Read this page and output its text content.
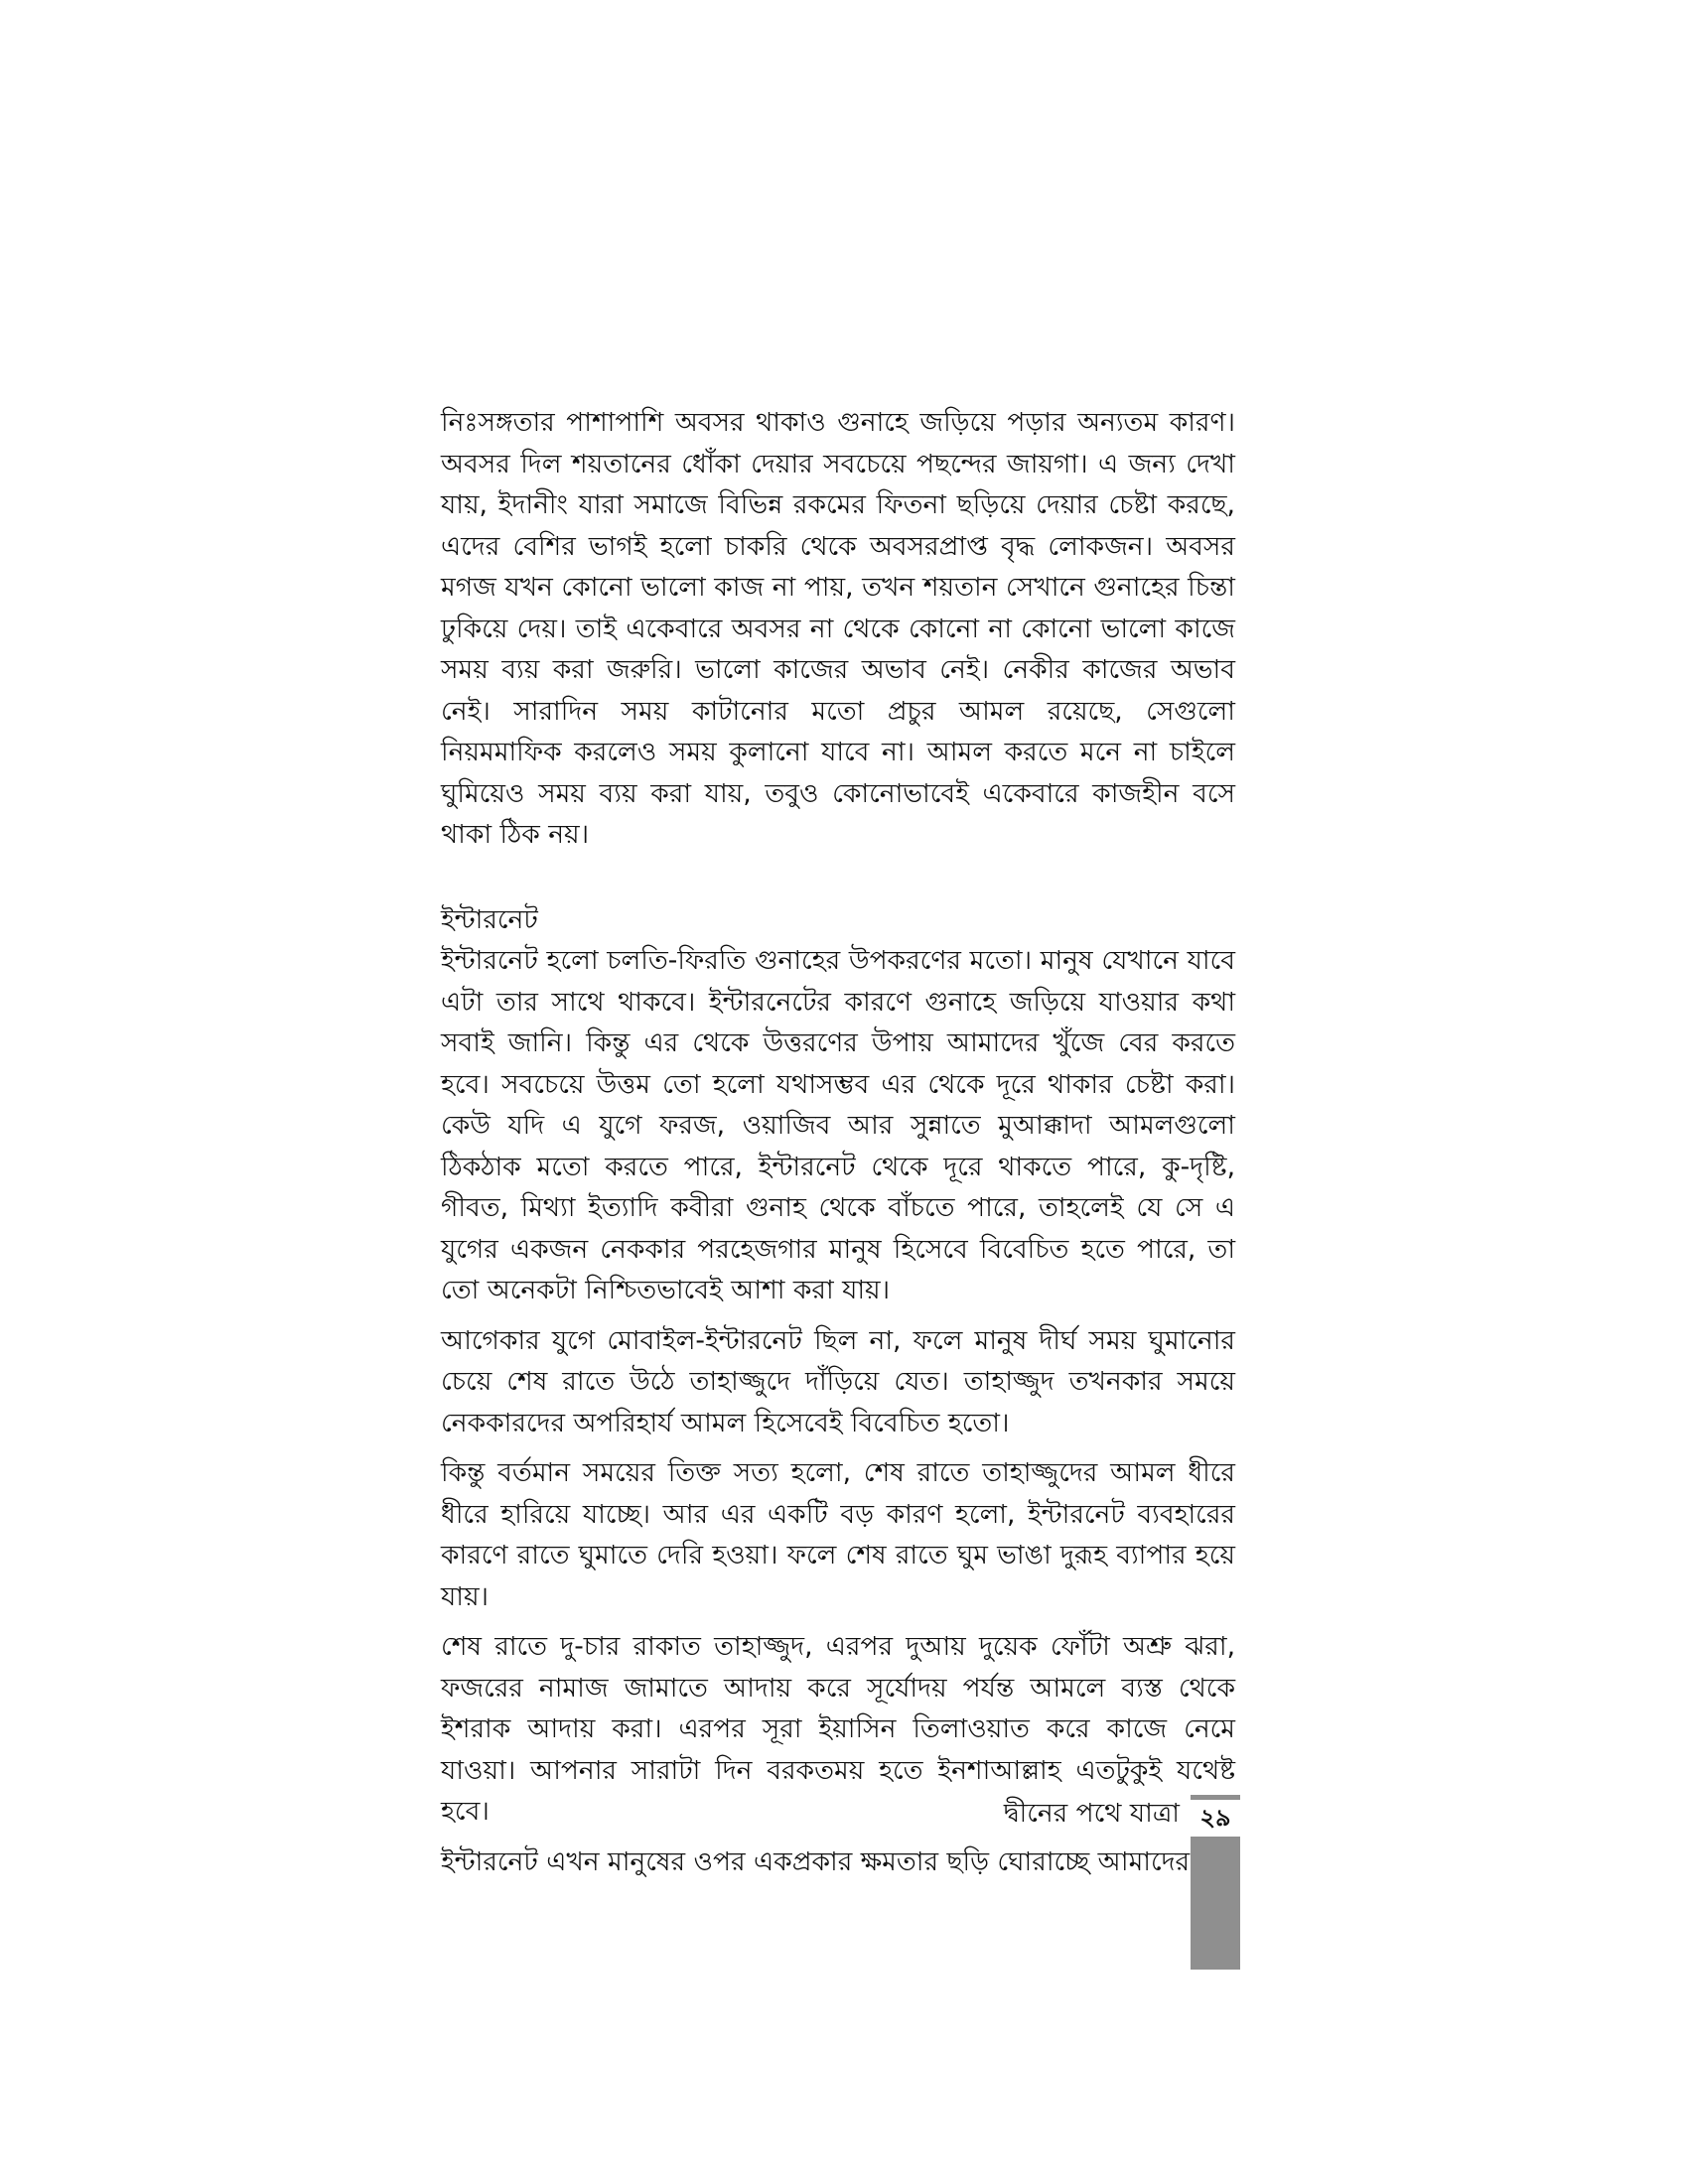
নিঃসঙ্গতার পাশাপাশি অবসর থাকাও গুনাহে জড়িয়ে পড়ার অন্যতম কারণ। অবসর দিল শয়তানের ধোঁকা দেয়ার সবচেয়ে পছন্দের জায়গা। এ জন্য দেখা যায়, ইদানীং যারা সমাজে বিভিন্ন রকমের ফিতনা ছড়িয়ে দেয়ার চেষ্টা করছে, এদের বেশির ভাগই হলো চাকরি থেকে অবসরপ্রাপ্ত বৃদ্ধ লোকজন। অবসর মগজ যখন কোনো ভালো কাজ না পায়, তখন শয়তান সেখানে গুনাহের চিন্তা ঢুকিয়ে দেয়। তাই একেবারে অবসর না থেকে কোনো না কোনো ভালো কাজে সময় ব্যয় করা জরুরি। ভালো কাজের অভাব নেই। নেকীর কাজের অভাব নেই। সারাদিন সময় কাটানোর মতো প্রচুর আমল রয়েছে, সেগুলো নিয়মমাফিক করলেও সময় কুলানো যাবে না। আমল করতে মনে না চাইলে ঘুমিয়েও সময় ব্যয় করা যায়, তবুও কোনোভাবেই একেবারে কাজহীন বসে থাকা ঠিক নয়।

ইন্টারনেট

ইন্টারনেট হলো চলতি-ফিরতি গুনাহের উপকরণের মতো। মানুষ যেখানে যাবে এটা তার সাথে থাকবে। ইন্টারনেটের কারণে গুনাহে জড়িয়ে যাওয়ার কথা সবাই জানি। কিন্তু এর থেকে উত্তরণের উপায় আমাদের খুঁজে বের করতে হবে। সবচেয়ে উত্তম তো হলো যথাসম্ভব এর থেকে দূরে থাকার চেষ্টা করা। কেউ যদি এ যুগে ফরজ, ওয়াজিব আর সুন্নাতে মুআক্কাদা আমলগুলো ঠিকঠাক মতো করতে পারে, ইন্টারনেট থেকে দূরে থাকতে পারে, কু-দৃষ্টি, গীবত, মিথ্যা ইত্যাদি কবীরা গুনাহ থেকে বাঁচতে পারে, তাহলেই যে সে এ যুগের একজন নেককার পরহেজগার মানুষ হিসেবে বিবেচিত হতে পারে, তা তো অনেকটা নিশ্চিতভাবেই আশা করা যায়।

আগেকার যুগে মোবাইল-ইন্টারনেট ছিল না, ফলে মানুষ দীর্ঘ সময় ঘুমানোর চেয়ে শেষ রাতে উঠে তাহাজ্জুদে দাঁড়িয়ে যেত। তাহাজ্জুদ তখনকার সময়ে নেককারদের অপরিহার্য আমল হিসেবেই বিবেচিত হতো।

কিন্তু বর্তমান সময়ের তিক্ত সত্য হলো, শেষ রাতে তাহাজ্জুদের আমল ধীরে ধীরে হারিয়ে যাচ্ছে। আর এর একটি বড় কারণ হলো, ইন্টারনেট ব্যবহারের কারণে রাতে ঘুমাতে দেরি হওয়া। ফলে শেষ রাতে ঘুম ভাঙা দুরূহ ব্যাপার হয়ে যায়।

শেষ রাতে দু-চার রাকাত তাহাজ্জুদ, এরপর দুআয় দুয়েক ফোঁটা অশ্রু ঝরা, ফজরের নামাজ জামাতে আদায় করে সূর্যোদয় পর্যন্ত আমলে ব্যস্ত থেকে ইশরাক আদায় করা। এরপর সূরা ইয়াসিন তিলাওয়াত করে কাজে নেমে যাওয়া। আপনার সারাটা দিন বরকতময় হতে ইনশাআল্লাহ এতটুকুই যথেষ্ট হবে।

ইন্টারনেট এখন মানুষের ওপর একপ্রকার ক্ষমতার ছড়ি ঘোরাচ্ছে আমাদের

দ্বীনের পথে যাত্রা ২৯
